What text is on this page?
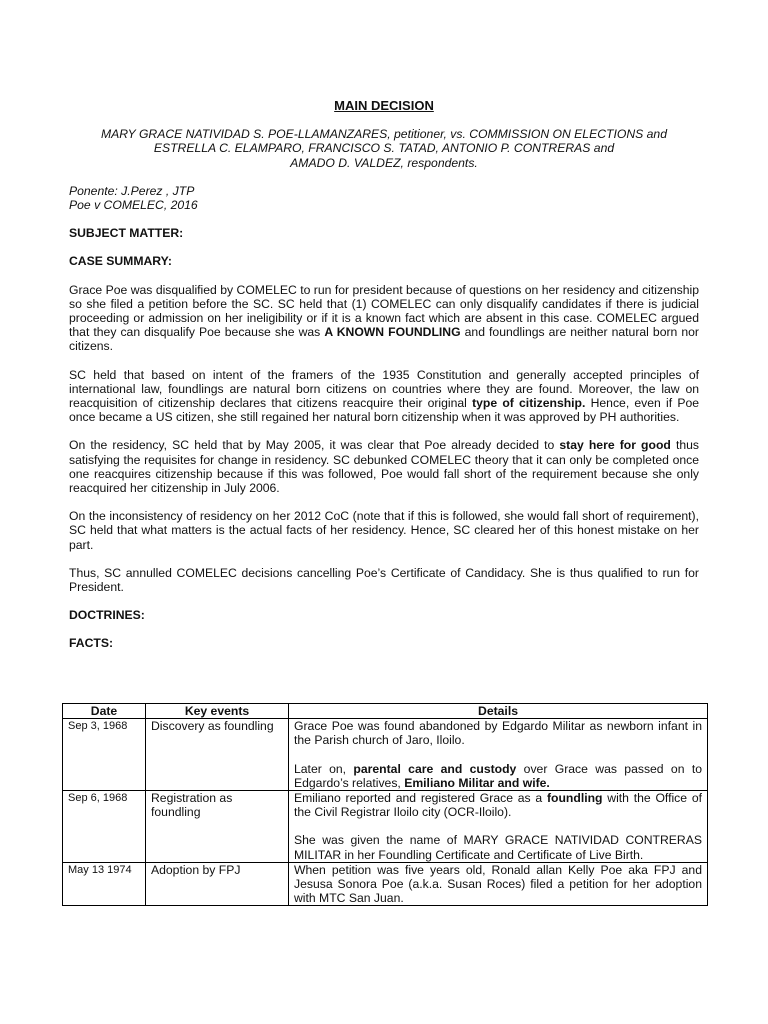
MAIN DECISION
MARY GRACE NATIVIDAD S. POE-LLAMANZARES, petitioner, vs. COMMISSION ON ELECTIONS and
ESTRELLA C. ELAMPARO, FRANCISCO S. TATAD, ANTONIO P. CONTRERAS and
AMADO D. VALDEZ, respondents.
Ponente: J.Perez , JTP
Poe v COMELEC, 2016
SUBJECT MATTER:
CASE SUMMARY:

Grace Poe was disqualified by COMELEC to run for president because of questions on her residency and citizenship so she filed a petition before the SC. SC held that (1) COMELEC can only disqualify candidates if there is judicial proceeding or admission on her ineligibility or if it is a known fact which are absent in this case. COMELEC argued that they can disqualify Poe because she was A KNOWN FOUNDLING and foundlings are neither natural born nor citizens.

SC held that based on intent of the framers of the 1935 Constitution and generally accepted principles of international law, foundlings are natural born citizens on countries where they are found. Moreover, the law on reacquisition of citizenship declares that citizens reacquire their original type of citizenship. Hence, even if Poe once became a US citizen, she still regained her natural born citizenship when it was approved by PH authorities.

On the residency, SC held that by May 2005, it was clear that Poe already decided to stay here for good thus satisfying the requisites for change in residency. SC debunked COMELEC theory that it can only be completed once one reacquires citizenship because if this was followed, Poe would fall short of the requirement because she only reacquired her citizenship in July 2006.

On the inconsistency of residency on her 2012 CoC (note that if this is followed, she would fall short of requirement), SC held that what matters is the actual facts of her residency. Hence, SC cleared her of this honest mistake on her part.

Thus, SC annulled COMELEC decisions cancelling Poe’s Certificate of Candidacy. She is thus qualified to run for President.

DOCTRINES:
FACTS:
Date	Key events	Details
Sep 3, 1968	Discovery as foundling	Grace Poe was found abandoned by Edgardo Militar as newborn infant in the Parish church of Jaro, Iloilo.

Later on, parental care and custody over Grace was passed on to Edgardo’s relatives, Emiliano Militar and wife.

Sep 6, 1968	Registration as foundling	Emiliano reported and registered Grace as a foundling with the Office of the Civil Registrar Iloilo city (OCR-Iloilo).

She was given the name of MARY GRACE NATIVIDAD CONTRERAS MILITAR in her Foundling Certificate and Certificate of Live Birth.

May 13 1974	Adoption by FPJ	When petition was five years old, Ronald allan Kelly Poe aka FPJ and Jesusa Sonora Poe (a.k.a. Susan Roces) filed a petition for her adoption with MTC San Juan.
